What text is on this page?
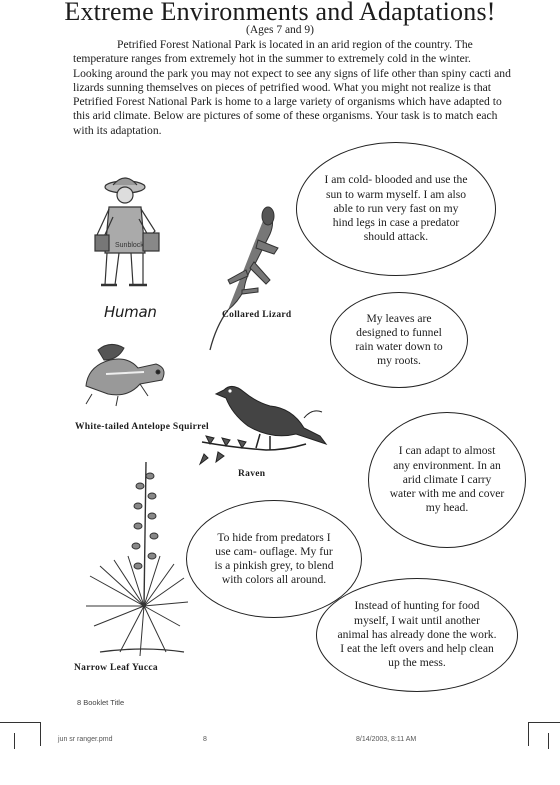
Extreme Environments and Adaptations!
(Ages 7 and 9)

Petrified Forest National Park is located in an arid region of the country. The temperature ranges from extremely hot in the summer to extremely cold in the winter. Looking around the park you may not expect to see any signs of life other than spiny cacti and lizards sunning themselves on pieces of petrified wood. What you might not realize is that Petrified Forest National Park is home to a large variety of organisms which have adapted to this arid climate. Below are pictures of some of these organisms. Your task is to match each with its adaptation.

Sunblock
Human	Collared Lizard
White-tailed Antelope Squirrel
Raven
Narrow Leaf Yucca
I am cold- blooded and use the sun to warm myself. I am also able to run very fast on my hind legs in case a predator should attack.
My leaves are designed to funnel rain water down to my roots.
I can adapt to almost any environment. In an arid climate I carry water with me and cover my head.
To hide from predators I use cam- ouflage. My fur is a pinkish grey, to blend with colors all around.
Instead of hunting for food myself, I wait until another animal has already done the work. I eat the left overs and help clean up the mess.
8 Booklet Title
jun sr ranger.pmd	8	8/14/2003, 8:11 AM
